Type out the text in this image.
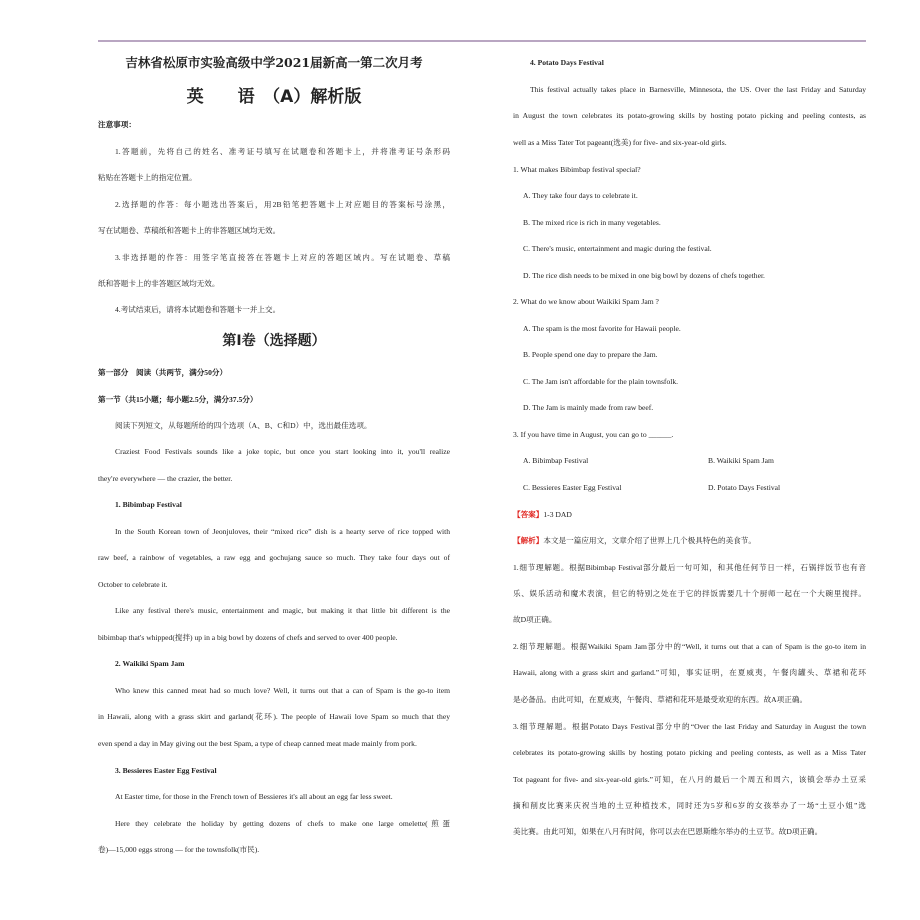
吉林省松原市实验高级中学2021届新高一第二次月考
英　　语　（A）解析版
注意事项：
1.答题前，先将自己的姓名、准考证号填写在试题卷和答题卡上，并将准考证号条形码
粘贴在答题卡上的指定位置。
2.选择题的作答：每小题选出答案后，用2B铅笔把答题卡上对应题目的答案标号涂黑，
写在试题卷、草稿纸和答题卡上的非答题区域均无效。
3.非选择题的作答：用签字笔直接答在答题卡上对应的答题区域内。写在试题卷、草稿
纸和答题卡上的非答题区域均无效。
4.考试结束后，请将本试题卷和答题卡一并上交。
第Ⅰ卷（选择题）
第一部分　阅读（共两节，满分50分）
第一节（共15小题；每小题2.5分，满分37.5分）
阅读下列短文，从每题所给的四个选项（A、B、C和D）中，选出最佳选项。
Craziest Food Festivals sounds like a joke topic, but once you start looking into it, you'll realize
they're everywhere — the crazier, the better.
1. Bibimbap Festival
In the South Korean town of Jeonjuloves, their “mixed rice” dish is a hearty serve of rice topped with
raw beef, a rainbow of vegetables, a raw egg and gochujang sauce so much. They take four days out of
October to celebrate it.
Like any festival there's music, entertainment and magic, but making it that little bit different is the
bibimbap that's whipped(搅拌) up in a big bowl by dozens of chefs and served to over 400 people.
2. Waikiki Spam Jam
Who knew this canned meat had so much love? Well, it turns out that a can of Spam is the go-to item
in Hawaii, along with a grass skirt and garland(花环). The people of Hawaii love Spam so much that they
even spend a day in May giving out the best Spam, a type of cheap canned meat made mainly from pork.
3. Bessieres Easter Egg Festival
At Easter time, for those in the French town of Bessieres it's all about an egg far less sweet.
Here they celebrate the holiday by getting dozens of chefs to make one large omelette(煎蛋
卷)—15,000 eggs strong — for the townsfolk(市民).
4. Potato Days Festival
This festival actually takes place in Barnesville, Minnesota, the US. Over the last Friday and Saturday
in August the town celebrates its potato-growing skills by hosting potato picking and peeling contests, as
well as a Miss Tater Tot pageant(选美) for five- and six-year-old girls.
1. What makes Bibimbap festival special?
A. They take four days to celebrate it.
B. The mixed rice is rich in many vegetables.
C. There's music, entertainment and magic during the festival.
D. The rice dish needs to be mixed in one big bowl by dozens of chefs together.
2. What do we know about Waikiki Spam Jam ?
A. The spam is the most favorite for Hawaii people.
B. People spend one day to prepare the Jam.
C. The Jam isn't affordable for the plain townsfolk.
D. The Jam is mainly made from raw beef.
3. If you have time in August, you can go to ______.
A. Bibimbap Festival	B. Waikiki Spam Jam
C. Bessieres Easter Egg Festival	D. Potato Days Festival
【答案】1-3 DAD
【解析】本文是一篇应用文，文章介绍了世界上几个极具特色的美食节。
1.细节理解题。根据Bibimbap Festival部分最后一句可知，和其他任何节日一样，石锅拌饭节也有音
乐、娱乐活动和魔术表演，但它的特别之处在于它的拌饭需要几十个厨师一起在一个大碗里搅拌。
故D项正确。
2.细节理解题。根据Waikiki Spam Jam部分中的“Well, it turns out that a can of Spam is the go-to item in
Hawaii, along with a grass skirt and garland.”可知，事实证明，在夏威夷，午餐肉罐头、草裙和花环
是必备品。由此可知，在夏威夷，午餐肉、草裙和花环是最受欢迎的东西。故A项正确。
3.细节理解题。根据Potato Days Festival部分中的“Over the last Friday and Saturday in August the town
celebrates its potato-growing skills by hosting potato picking and peeling contests, as well as a Miss Tater
Tot pageant for five- and six-year-old girls.”可知，在八月的最后一个周五和周六，该镇会举办土豆采
摘和削皮比赛来庆祝当地的土豆种植技术，同时还为5岁和6岁的女孩举办了一场“土豆小姐”选
美比赛。由此可知，如果在八月有时间，你可以去在巴恩斯维尔举办的土豆节。故D项正确。
